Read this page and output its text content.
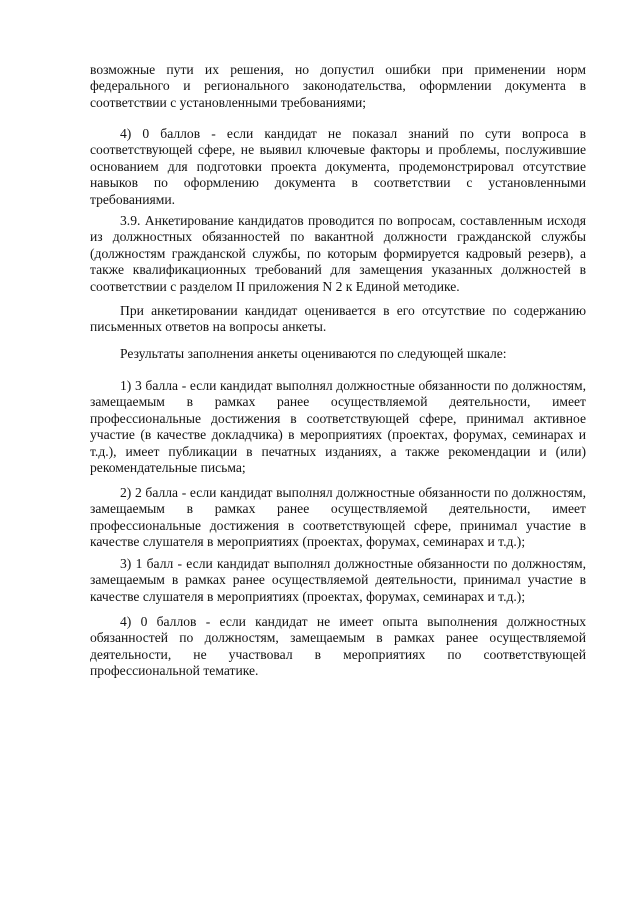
возможные пути их решения, но допустил ошибки при применении норм федерального и регионального законодательства, оформлении документа в соответствии с установленными требованиями;

4) 0 баллов - если кандидат не показал знаний по сути вопроса в соответствующей сфере, не выявил ключевые факторы и проблемы, послужившие основанием для подготовки проекта документа, продемонстрировал отсутствие навыков по оформлению документа в соответствии с установленными требованиями.

3.9. Анкетирование кандидатов проводится по вопросам, составленным исходя из должностных обязанностей по вакантной должности гражданской службы (должностям гражданской службы, по которым формируется кадровый резерв), а также квалификационных требований для замещения указанных должностей в соответствии с разделом II приложения N 2 к Единой методике.

При анкетировании кандидат оценивается в его отсутствие по содержанию письменных ответов на вопросы анкеты.

Результаты заполнения анкеты оцениваются по следующей шкале:

1) 3 балла - если кандидат выполнял должностные обязанности по должностям, замещаемым в рамках ранее осуществляемой деятельности, имеет профессиональные достижения в соответствующей сфере, принимал активное участие (в качестве докладчика) в мероприятиях (проектах, форумах, семинарах и т.д.), имеет публикации в печатных изданиях, а также рекомендации и (или) рекомендательные письма;

2) 2 балла - если кандидат выполнял должностные обязанности по должностям, замещаемым в рамках ранее осуществляемой деятельности, имеет профессиональные достижения в соответствующей сфере, принимал участие в качестве слушателя в мероприятиях (проектах, форумах, семинарах и т.д.);

3) 1 балл - если кандидат выполнял должностные обязанности по должностям, замещаемым в рамках ранее осуществляемой деятельности, принимал участие в качестве слушателя в мероприятиях (проектах, форумах, семинарах и т.д.);

4) 0 баллов - если кандидат не имеет опыта выполнения должностных обязанностей по должностям, замещаемым в рамках ранее осуществляемой деятельности, не участвовал в мероприятиях по соответствующей профессиональной тематике.
